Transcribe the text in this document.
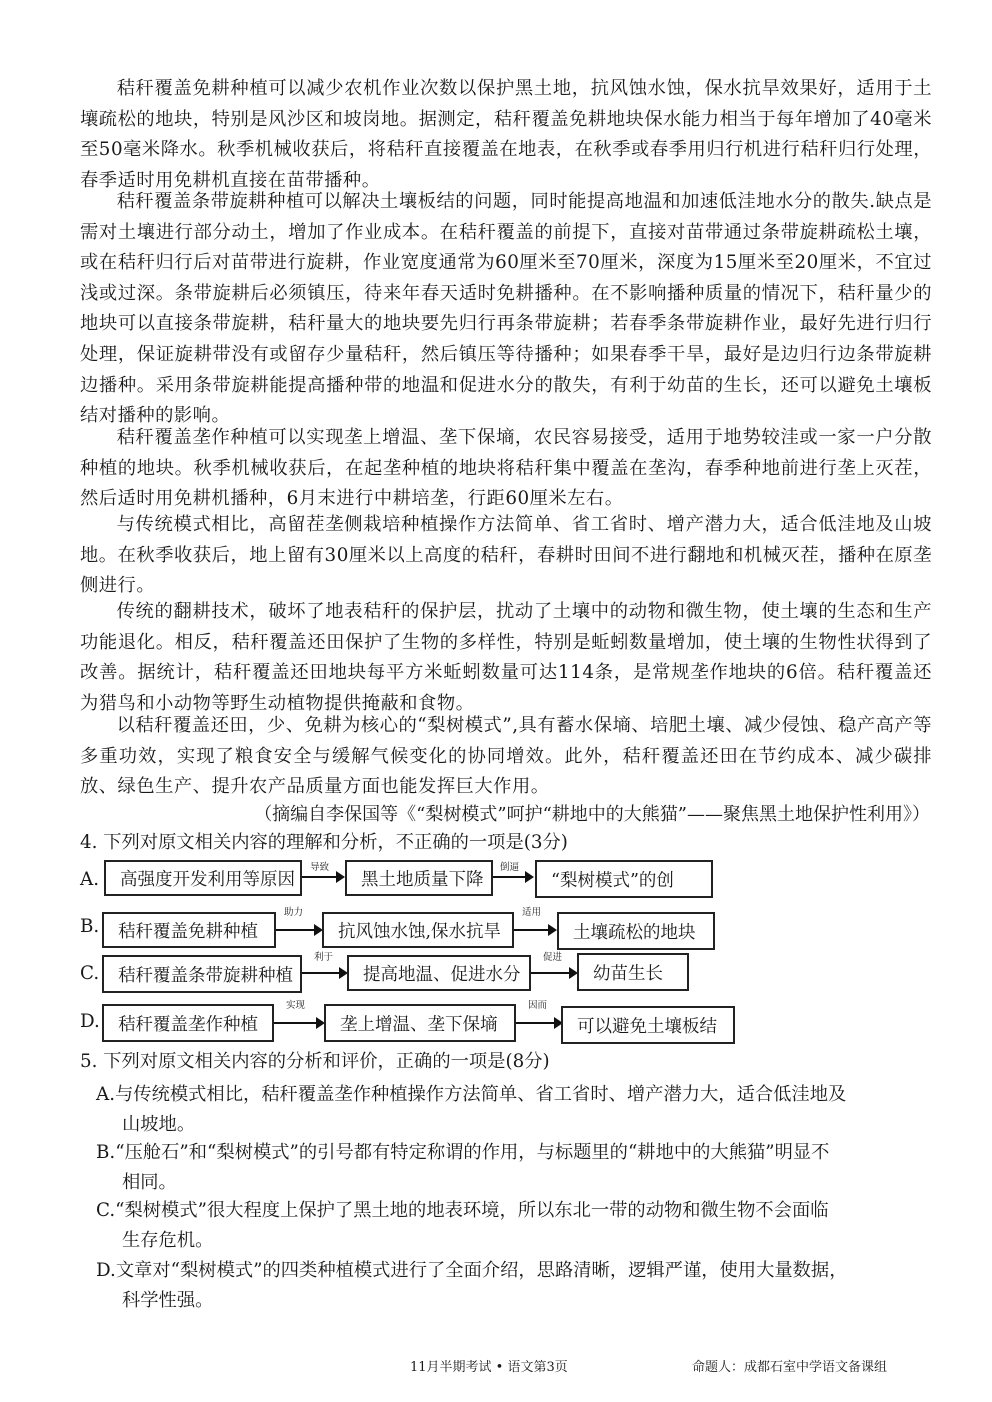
秸秆覆盖免耕种植可以减少农机作业次数以保护黑土地，抗风蚀水蚀，保水抗旱效果好，适用于土壤疏松的地块，特别是风沙区和坡岗地。据测定，秸秆覆盖免耕地块保水能力相当于每年增加了40毫米至50毫米降水。秋季机械收获后，将秸秆直接覆盖在地表，在秋季或春季用归行机进行秸秆归行处理，春季适时用免耕机直接在苗带播种。

秸秆覆盖条带旋耕种植可以解决土壤板结的问题，同时能提高地温和加速低洼地水分的散失.缺点是需对土壤进行部分动土，增加了作业成本。在秸秆覆盖的前提下，直接对苗带通过条带旋耕疏松土壤，或在秸秆归行后对苗带进行旋耕，作业宽度通常为60厘米至70厘米，深度为15厘米至20厘米，不宜过浅或过深。条带旋耕后必须镇压，待来年春天适时免耕播种。在不影响播种质量的情况下，秸秆量少的地块可以直接条带旋耕，秸秆量大的地块要先归行再条带旋耕；若春季条带旋耕作业，最好先进行归行处理，保证旋耕带没有或留存少量秸秆，然后镇压等待播种；如果春季干旱，最好是边归行边条带旋耕边播种。采用条带旋耕能提高播种带的地温和促进水分的散失，有利于幼苗的生长，还可以避免土壤板结对播种的影响。

秸秆覆盖垄作种植可以实现垄上增温、垄下保墒，农民容易接受，适用于地势较洼或一家一户分散种植的地块。秋季机械收获后，在起垄种植的地块将秸秆集中覆盖在垄沟，春季种地前进行垄上灭茬，然后适时用免耕机播种，6月末进行中耕培垄，行距60厘米左右。

与传统模式相比，高留茬垄侧栽培种植操作方法简单、省工省时、增产潜力大，适合低洼地及山坡地。在秋季收获后，地上留有30厘米以上高度的秸秆，春耕时田间不进行翻地和机械灭茬，播种在原垄侧进行。

传统的翻耕技术，破坏了地表秸秆的保护层，扰动了土壤中的动物和微生物，使土壤的生态和生产功能退化。相反，秸秆覆盖还田保护了生物的多样性，特别是蚯蚓数量增加，使土壤的生物性状得到了改善。据统计，秸秆覆盖还田地块每平方米蚯蚓数量可达114条，是常规垄作地块的6倍。秸秆覆盖还为猎鸟和小动物等野生动植物提供掩蔽和食物。

以秸秆覆盖还田，少、免耕为核心的“梨树模式”,具有蓄水保墒、培肥土壤、减少侵蚀、稳产高产等多重功效，实现了粮食安全与缓解气候变化的协同增效。此外，秸秆覆盖还田在节约成本、减少碳排放、绿色生产、提升农产品质量方面也能发挥巨大作用。

（摘编自李保国等《“梨树模式”呵护“耕地中的大熊猫”——聚焦黑土地保护性利用》）

4. 下列对原文相关内容的理解和分析，不正确的一项是(3分)

A.	高强度开发利用等原因
导致
黑土地质量下降
倒逼
“梨树模式”的创
B.	秸秆覆盖免耕种植
助力
抗风蚀水蚀,保水抗旱
适用
土壤疏松的地块
C.	秸秆覆盖条带旋耕种植
利于
提高地温、促进水分
促进
幼苗生长
D.	秸秆覆盖垄作种植
实现
垄上增温、垄下保墒
因而
可以避免土壤板结

5. 下列对原文相关内容的分析和评价，正确的一项是(8分)

A.与传统模式相比，秸秆覆盖垄作种植操作方法简单、省工省时、增产潜力大，适合低洼地及
山坡地。

B.“压舱石”和“梨树模式”的引号都有特定称谓的作用，与标题里的“耕地中的大熊猫”明显不
相同。

C.“梨树模式”很大程度上保护了黑土地的地表环境，所以东北一带的动物和微生物不会面临
生存危机。

D.文章对“梨树模式”的四类种植模式进行了全面介绍，思路清晰，逻辑严谨，使用大量数据，
科学性强。

11月半期考试 • 语文第3页	命题人：成都石室中学语文备课组
